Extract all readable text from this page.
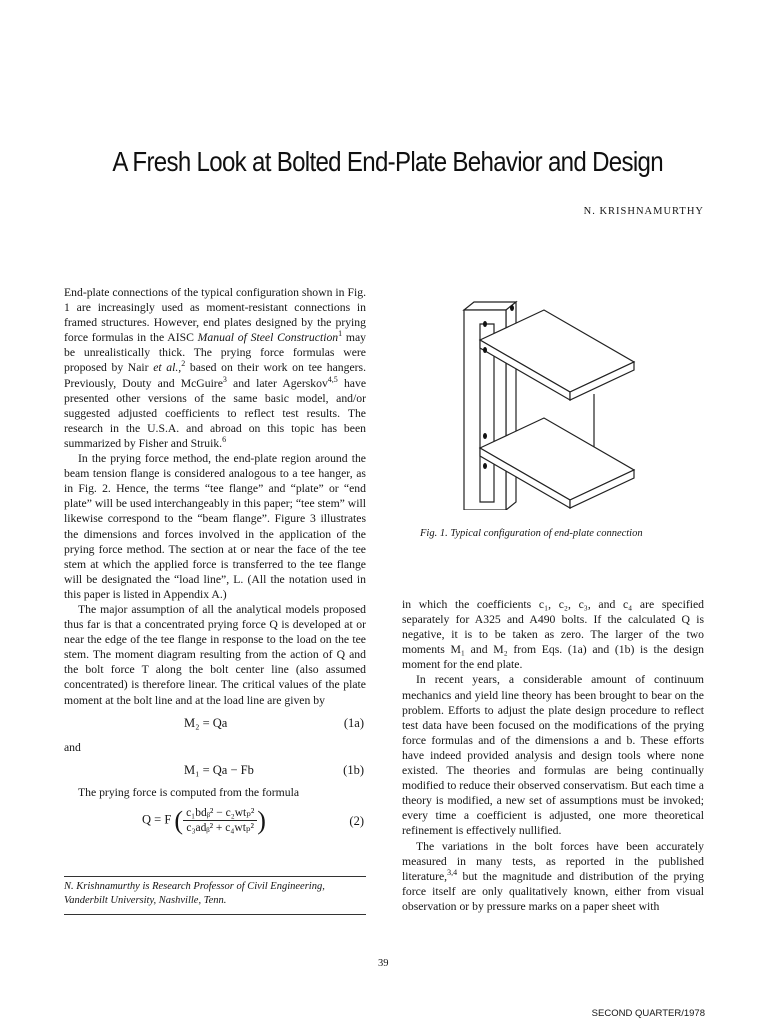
A Fresh Look at Bolted End-Plate Behavior and Design
N. KRISHNAMURTHY

End-plate connections of the typical configuration shown in Fig. 1 are increasingly used as moment-resistant connections in framed structures. However, end plates designed by the prying force formulas in the AISC Manual of Steel Construction$^1$ may be unrealistically thick. The prying force formulas were proposed by Nair et al.,$^2$ based on their work on tee hangers. Previously, Douty and McGuire$^3$ and later Agerskov$^{4,5}$ have presented other versions of the same basic model, and/or suggested adjusted coefficients to reflect test results. The research in the U.S.A. and abroad on this topic has been summarized by Fisher and Struik.$^6$

In the prying force method, the end-plate region around the beam tension flange is considered analogous to a tee hanger, as in Fig. 2. Hence, the terms “tee flange” and “plate” or “end plate” will be used interchangeably in this paper; “tee stem” will likewise correspond to the “beam flange”. Figure 3 illustrates the dimensions and forces involved in the application of the prying force method. The section at or near the face of the tee stem at which the applied force is transferred to the tee flange will be designated the “load line”, L. (All the notation used in this paper is listed in Appendix A.)

The major assumption of all the analytical models proposed thus far is that a concentrated prying force Q is developed at or near the edge of the tee flange in response to the load on the tee stem. The moment diagram resulting from the action of Q and the bolt force T along the bolt center line (also assumed concentrated) is therefore linear. The critical values of the plate moment at the bolt line and at the load line are given by

M₂ = Qa	(1a)

and

M₁ = Qa − Fb	(1b)

The prying force is computed from the formula

Q = F ( $\frac{\text{c₁bdᵦ² − c₂wtₚ²}}{\text{c₃adᵦ² + c₄wtₚ²}}$ )	(2)
N. Krishnamurthy is Research Professor of Civil Engineering, Vanderbilt University, Nashville, Tenn.
Fig. 1. Typical configuration of end-plate connection

in which the coefficients c₁, c₂, c₃, and c₄ are specified separately for A325 and A490 bolts. If the calculated Q is negative, it is to be taken as zero. The larger of the two moments M₁ and M₂ from Eqs. (1a) and (1b) is the design moment for the end plate.

In recent years, a considerable amount of continuum mechanics and yield line theory has been brought to bear on the problem. Efforts to adjust the plate design procedure to reflect test data have been focused on the modifications of the prying force formulas and of the dimensions a and b. These efforts have indeed provided analysis and design tools where none existed. The theories and formulas are being continually modified to reduce their observed conservatism. But each time a theory is modified, a new set of assumptions must be invoked; every time a coefficient is adjusted, one more theoretical refinement is effectively nullified.

The variations in the bolt forces have been accurately measured in many tests, as reported in the published literature,$^{3,4}$ but the magnitude and distribution of the prying force itself are only qualitatively known, either from visual observation or by pressure marks on a paper sheet with

39
SECOND QUARTER/1978
